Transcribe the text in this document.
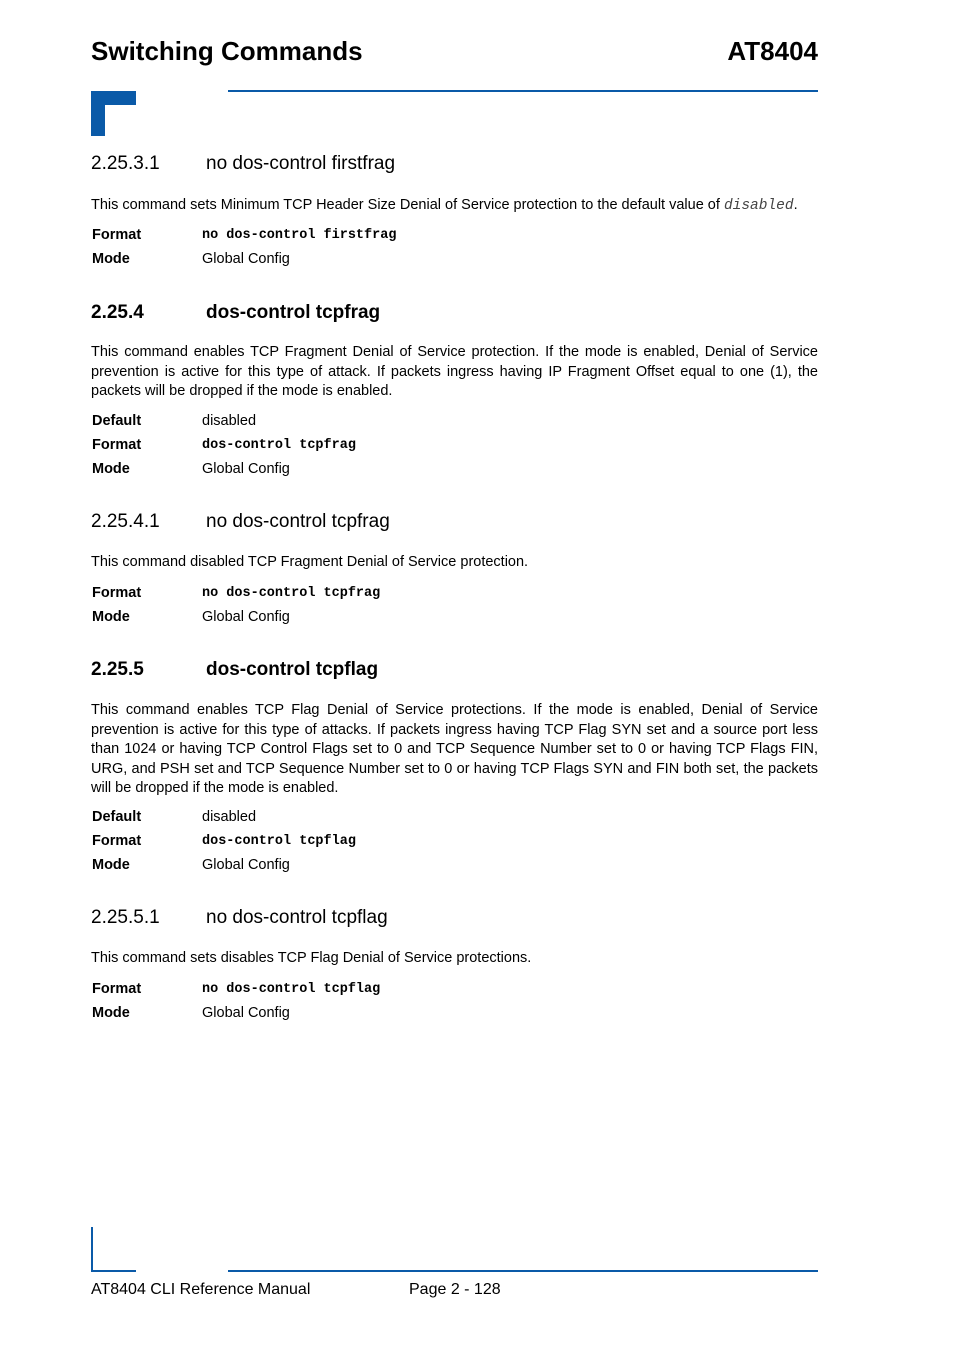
Switching Commands	AT8404
2.25.3.1 no dos-control firstfrag
This command sets Minimum TCP Header Size Denial of Service protection to the default value of disabled.
Format	no dos-control firstfrag
Mode	Global Config
2.25.4	dos-control tcpfrag
This command enables TCP Fragment Denial of Service protection. If the mode is enabled, Denial of Service prevention is active for this type of attack. If packets ingress having IP Fragment Offset equal to one (1), the packets will be dropped if the mode is enabled.
Default	disabled
Format	dos-control tcpfrag
Mode	Global Config
2.25.4.1 no dos-control tcpfrag
This command disabled TCP Fragment Denial of Service protection.
Format	no dos-control tcpfrag
Mode	Global Config
2.25.5	dos-control tcpflag
This command enables TCP Flag Denial of Service protections. If the mode is enabled, Denial of Service prevention is active for this type of attacks. If packets ingress having TCP Flag SYN set and a source port less than 1024 or having TCP Control Flags set to 0 and TCP Sequence Number set to 0 or having TCP Flags FIN, URG, and PSH set and TCP Sequence Number set to 0 or having TCP Flags SYN and FIN both set, the packets will be dropped if the mode is enabled.
Default	disabled
Format	dos-control tcpflag
Mode	Global Config
2.25.5.1 no dos-control tcpflag
This command sets disables TCP Flag Denial of Service protections.
Format	no dos-control tcpflag
Mode	Global Config
AT8404 CLI Reference Manual	Page 2 - 128
